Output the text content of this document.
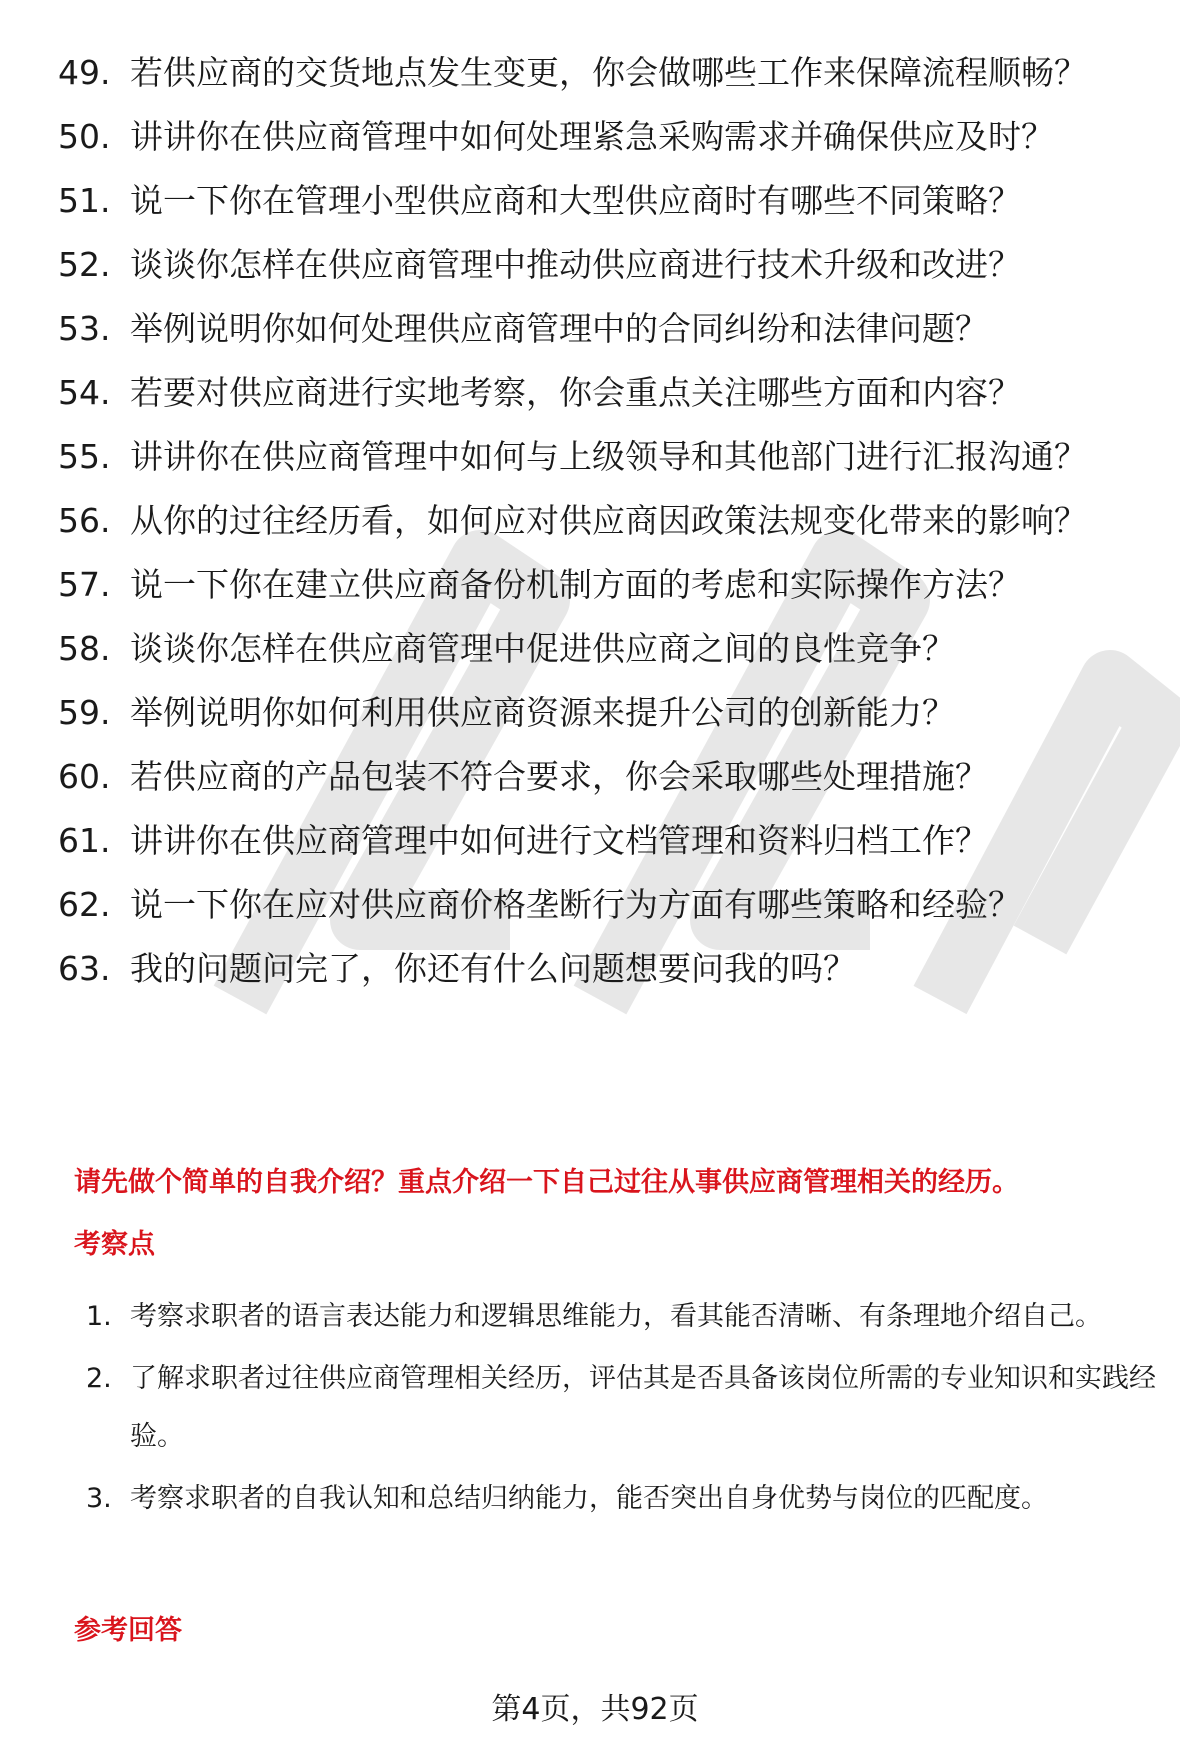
49. 若供应商的交货地点发生变更，你会做哪些工作来保障流程顺畅？
50. 讲讲你在供应商管理中如何处理紧急采购需求并确保供应及时？
51. 说一下你在管理小型供应商和大型供应商时有哪些不同策略？
52. 谈谈你怎样在供应商管理中推动供应商进行技术升级和改进？
53. 举例说明你如何处理供应商管理中的合同纠纷和法律问题？
54. 若要对供应商进行实地考察，你会重点关注哪些方面和内容？
55. 讲讲你在供应商管理中如何与上级领导和其他部门进行汇报沟通？
56. 从你的过往经历看，如何应对供应商因政策法规变化带来的影响？
57. 说一下你在建立供应商备份机制方面的考虑和实际操作方法？
58. 谈谈你怎样在供应商管理中促进供应商之间的良性竞争？
59. 举例说明你如何利用供应商资源来提升公司的创新能力？
60. 若供应商的产品包装不符合要求，你会采取哪些处理措施？
61. 讲讲你在供应商管理中如何进行文档管理和资料归档工作？
62. 说一下你在应对供应商价格垄断行为方面有哪些策略和经验？
63. 我的问题问完了，你还有什么问题想要问我的吗？
请先做个简单的自我介绍？重点介绍一下自己过往从事供应商管理相关的经历。
考察点
1. 考察求职者的语言表达能力和逻辑思维能力，看其能否清晰、有条理地介绍自己。
2. 了解求职者过往供应商管理相关经历，评估其是否具备该岗位所需的专业知识和实践经验。
3. 考察求职者的自我认知和总结归纳能力，能否突出自身优势与岗位的匹配度。
参考回答
第4页，共92页
